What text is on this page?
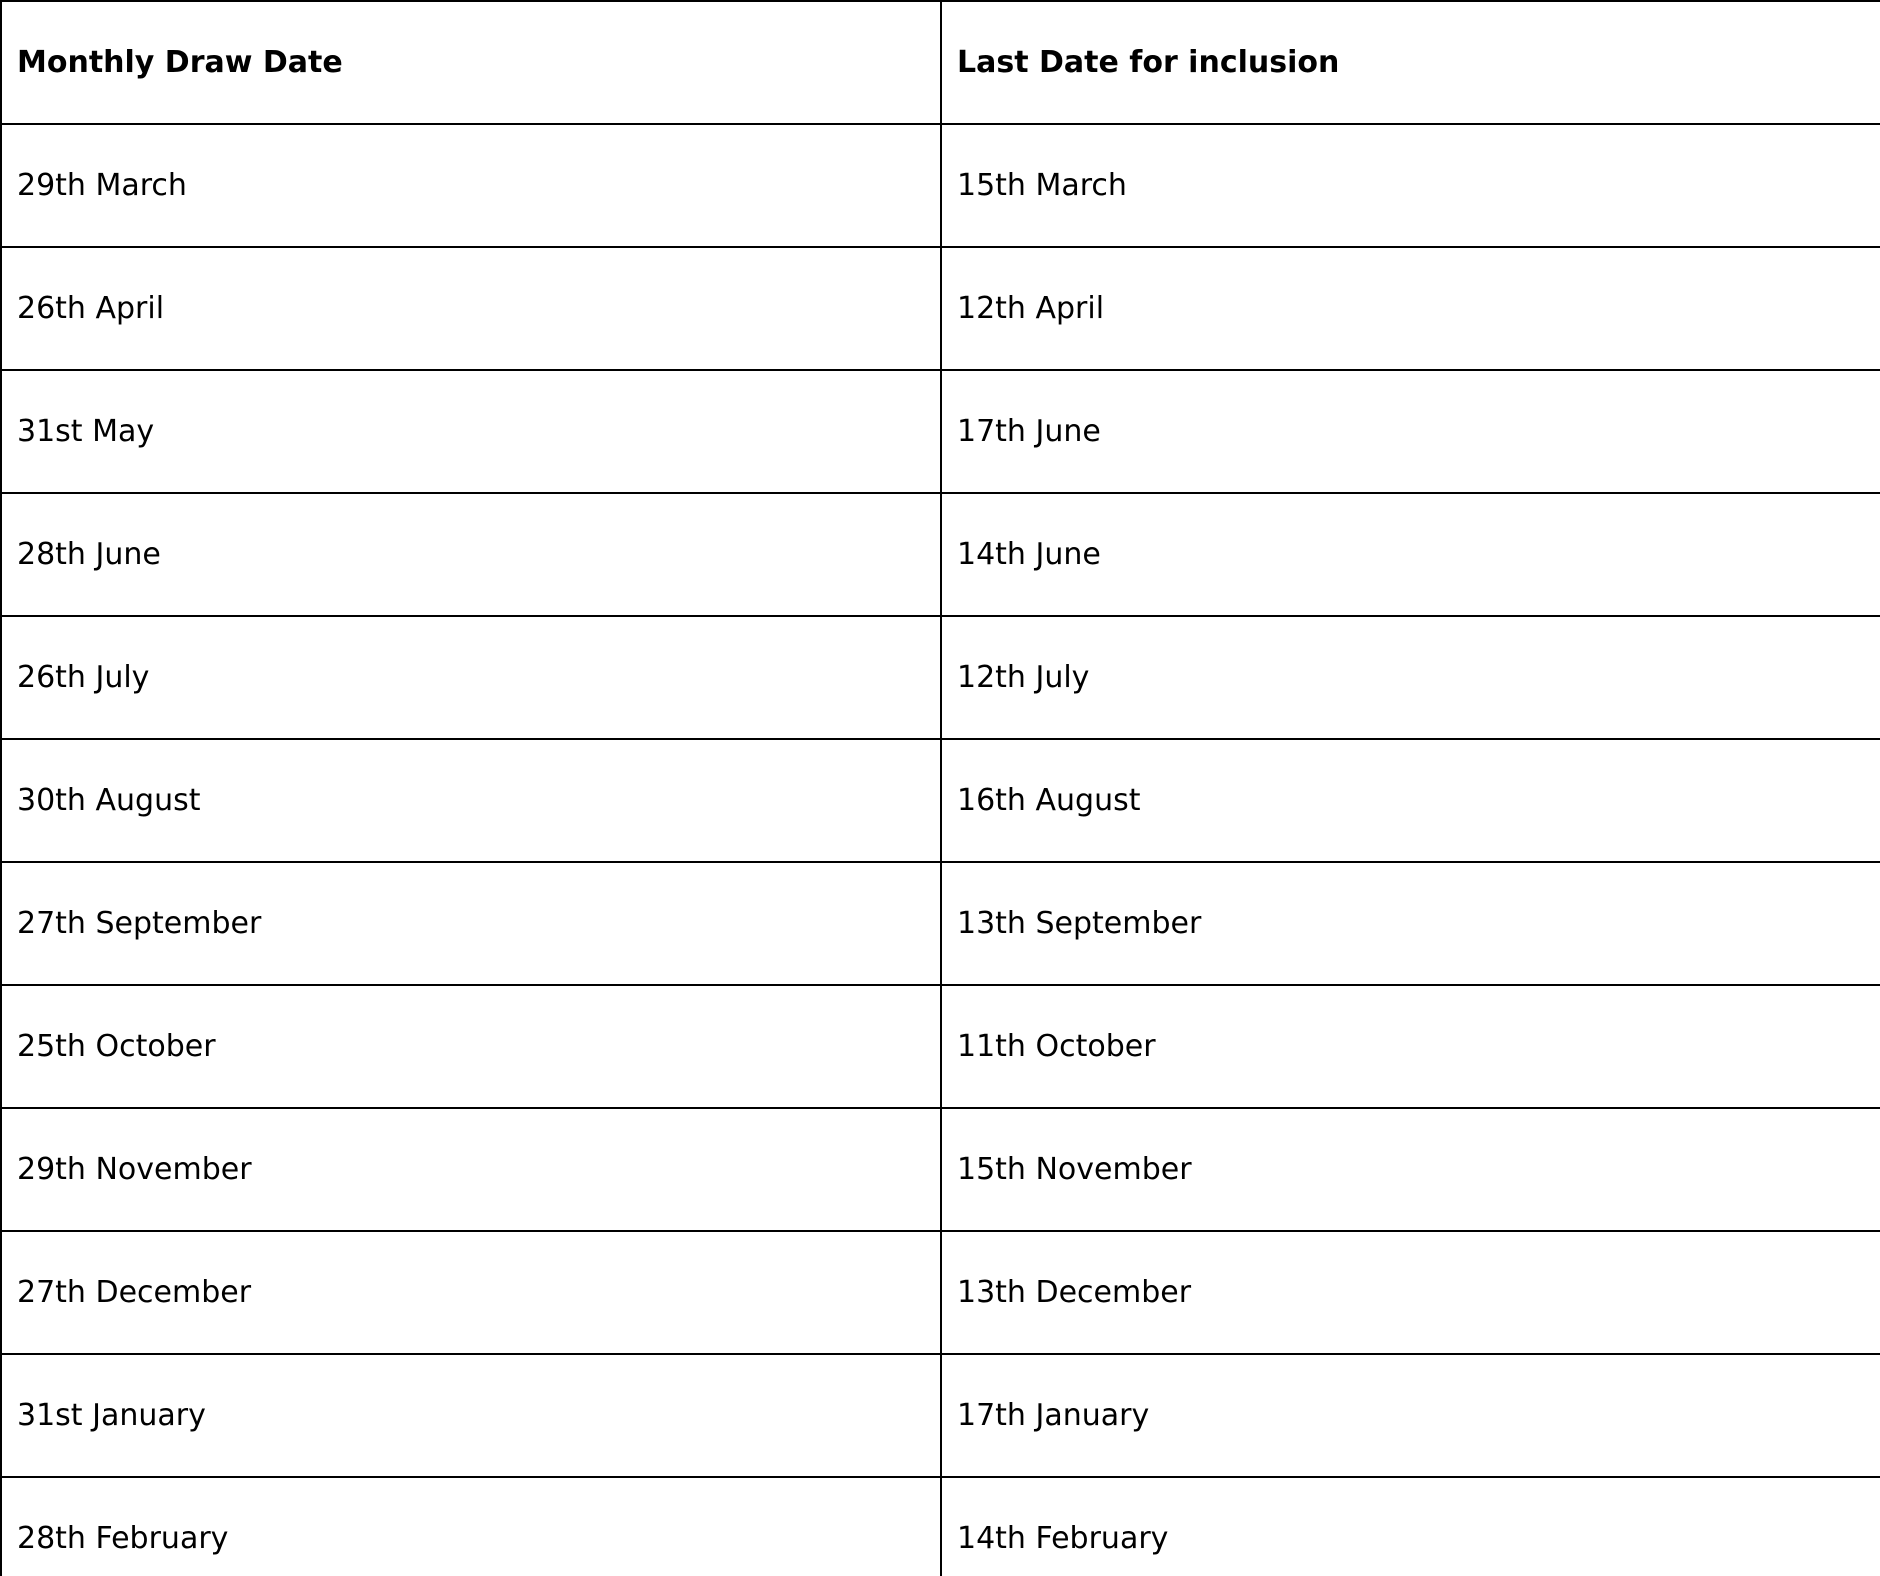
Monthly Draw Date	Last Date for inclusion
29th March	15th March
26th April	12th April
31st May	17th June
28th June	14th June
26th July	12th July
30th August	16th August
27th September	13th September
25th October	11th October
29th November	15th November
27th December	13th December
31st January	17th January
28th February	14th February
